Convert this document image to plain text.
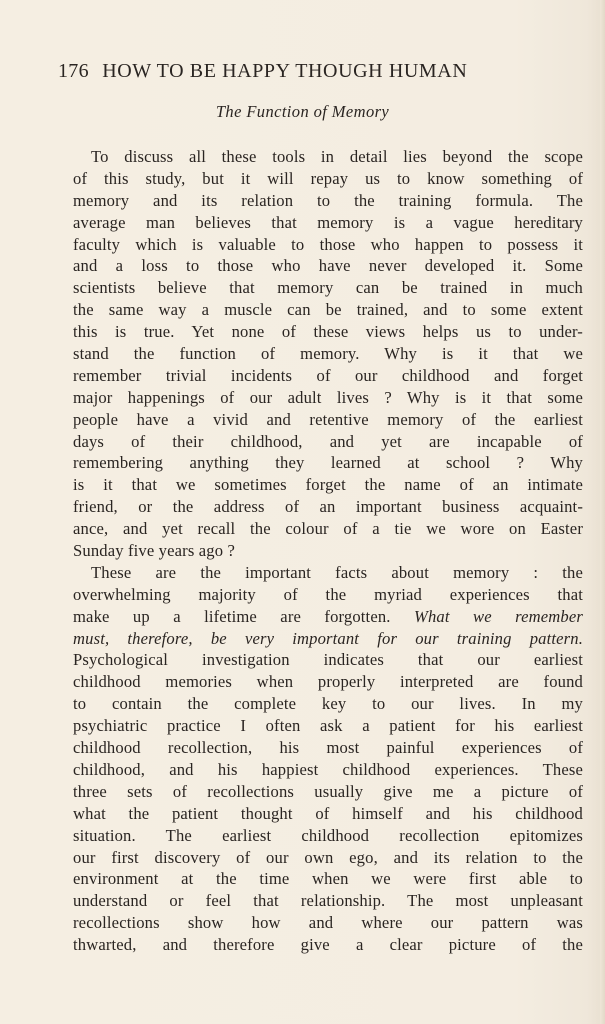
176 HOW TO BE HAPPY THOUGH HUMAN
The Function of Memory
To discuss all these tools in detail lies beyond the scope
of this study, but it will repay us to know something of
memory and its relation to the training formula. The
average man believes that memory is a vague hereditary
faculty which is valuable to those who happen to possess it
and a loss to those who have never developed it. Some
scientists believe that memory can be trained in much
the same way a muscle can be trained, and to some extent
this is true. Yet none of these views helps us to under-
stand the function of memory. Why is it that we
remember trivial incidents of our childhood and forget
major happenings of our adult lives ? Why is it that some
people have a vivid and retentive memory of the earliest
days of their childhood, and yet are incapable of
remembering anything they learned at school ? Why
is it that we sometimes forget the name of an intimate
friend, or the address of an important business acquaint-
ance, and yet recall the colour of a tie we wore on Easter
Sunday five years ago ?
These are the important facts about memory : the
overwhelming majority of the myriad experiences that
make up a lifetime are forgotten. What we remember
must, therefore, be very important for our training pattern.
Psychological investigation indicates that our earliest
childhood memories when properly interpreted are found
to contain the complete key to our lives. In my
psychiatric practice I often ask a patient for his earliest
childhood recollection, his most painful experiences of
childhood, and his happiest childhood experiences. These
three sets of recollections usually give me a picture of
what the patient thought of himself and his childhood
situation. The earliest childhood recollection epitomizes
our first discovery of our own ego, and its relation to the
environment at the time when we were first able to
understand or feel that relationship. The most unpleasant
recollections show how and where our pattern was
thwarted, and therefore give a clear picture of the
